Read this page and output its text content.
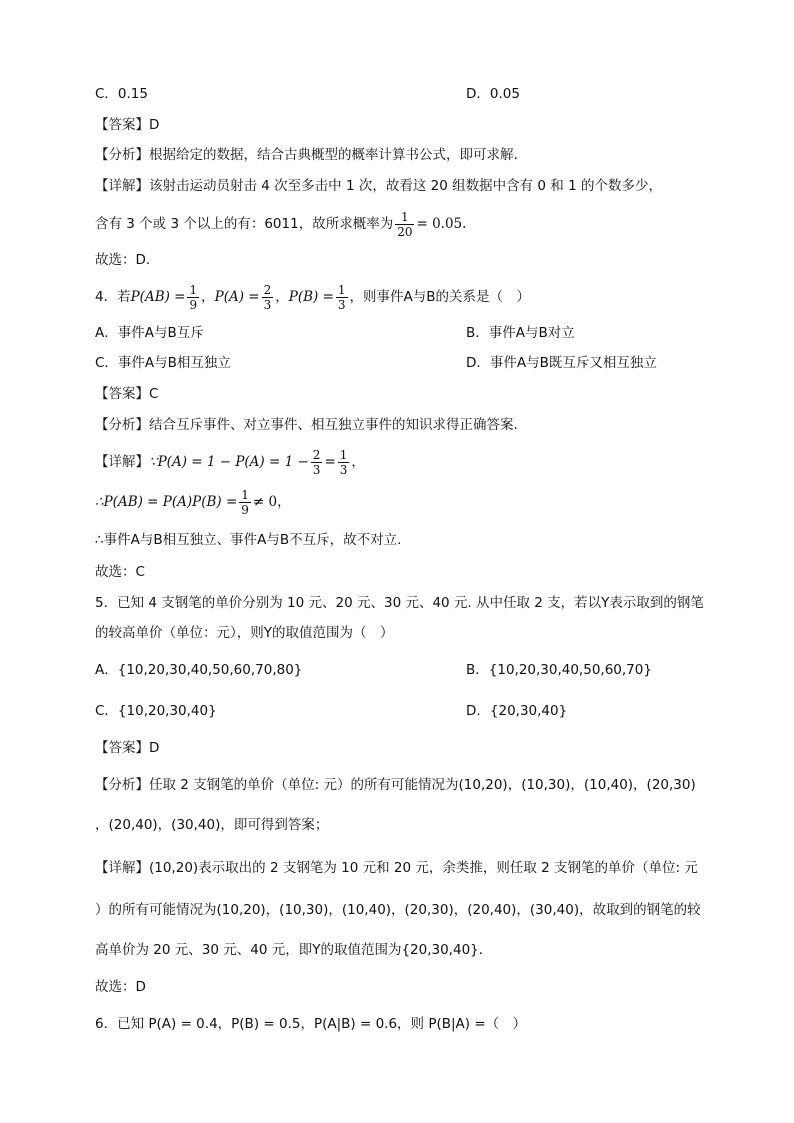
C．0.15	D．0.05
【答案】D
【分析】根据给定的数据，结合古典概型的概率计算书公式，即可求解.
【详解】该射击运动员射击 4 次至多击中 1 次，故看这 20 组数据中含有 0 和 1 的个数多少，
含有 3 个或 3 个以上的有：6011，故所求概率为 $\frac{1}{20} = 0.05$.
故选：D.
4．若$P(AB) = \frac{1}{9}$ ，$P(A) = \frac{2}{3}$ ，$P(B) = \frac{1}{3}$ ，则事件A与B的关系是（　）
A．事件A与B互斥	B．事件A与B对立
C．事件A与B相互独立	D．事件A与B既互斥又相互独立
【答案】C
【分析】结合互斥事件、对立事件、相互独立事件的知识求得正确答案.
【详解】∵P(A) = $1 - P(A) = 1 - \frac{2}{3} = \frac{1}{3}$ ，
∴P(AB) = $P(A)P(B) = \frac{1}{9} \ne 0$，
∴事件A与B相互独立、事件A与B不互斥，故不对立.
故选：C
5．已知 4 支钢笔的单价分别为 10 元、20 元、30 元、40 元. 从中任取 2 支，若以Y表示取到的钢笔
的较高单价（单位：元），则Y的取值范围为（　）
A．{10,20,30,40,50,60,70,80}	B．{10,20,30,40,50,60,70}
C．{10,20,30,40}	D．{20,30,40}
【答案】D
【分析】任取 2 支钢笔的单价（单位: 元）的所有可能情况为(10,20)，(10,30)，(10,40)，(20,30)
，(20,40)，(30,40)，即可得到答案；
【详解】(10,20)表示取出的 2 支钢笔为 10 元和 20 元，余类推，则任取 2 支钢笔的单价（单位: 元
）的所有可能情况为(10,20)，(10,30)，(10,40)，(20,30)，(20,40)，(30,40)，故取到的钢笔的较
高单价为 20 元、30 元、40 元，即Y的取值范围为{20,30,40}．
故选：D
6．已知 P(A) = 0.4，P(B) = 0.5，P(A|B) = 0.6，则 P(B|A) =（　）
